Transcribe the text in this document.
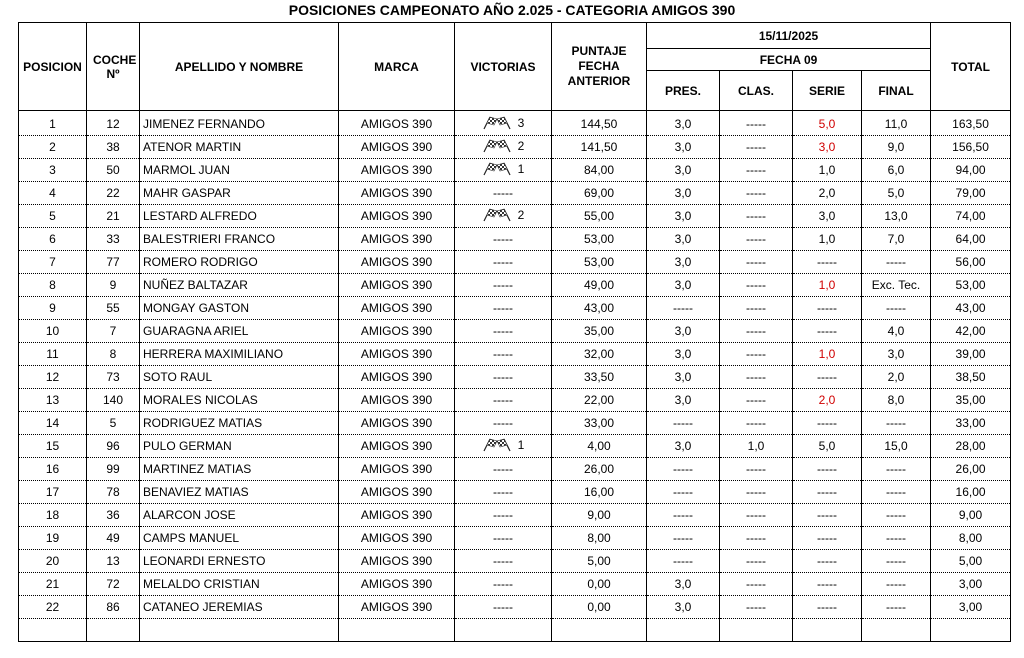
POSICIONES CAMPEONATO AÑO 2.025 - CATEGORIA AMIGOS 390
POSICION	COCHE Nº	APELLIDO Y NOMBRE	MARCA	VICTORIAS	PUNTAJE FECHA ANTERIOR	15/11/2025				TOTAL
						FECHA 09				
						PRES.	CLAS.	SERIE	FINAL	

1	12	JIMENEZ FERNANDO	AMIGOS 390	3	144,50	3,0	-----	5,0	11,0	163,50
2	38	ATENOR MARTIN	AMIGOS 390	2	141,50	3,0	-----	3,0	9,0	156,50
3	50	MARMOL JUAN	AMIGOS 390	1	84,00	3,0	-----	1,0	6,0	94,00
4	22	MAHR GASPAR	AMIGOS 390	-----	69,00	3,0	-----	2,0	5,0	79,00
5	21	LESTARD ALFREDO	AMIGOS 390	2	55,00	3,0	-----	3,0	13,0	74,00
6	33	BALESTRIERI FRANCO	AMIGOS 390	-----	53,00	3,0	-----	1,0	7,0	64,00
7	77	ROMERO RODRIGO	AMIGOS 390	-----	53,00	3,0	-----	-----	-----	56,00
8	9	NUÑEZ BALTAZAR	AMIGOS 390	-----	49,00	3,0	-----	1,0	Exc. Tec.	53,00
9	55	MONGAY GASTON	AMIGOS 390	-----	43,00	-----	-----	-----	-----	43,00
10	7	GUARAGNA ARIEL	AMIGOS 390	-----	35,00	3,0	-----	-----	4,0	42,00
11	8	HERRERA MAXIMILIANO	AMIGOS 390	-----	32,00	3,0	-----	1,0	3,0	39,00
12	73	SOTO RAUL	AMIGOS 390	-----	33,50	3,0	-----	-----	2,0	38,50
13	140	MORALES NICOLAS	AMIGOS 390	-----	22,00	3,0	-----	2,0	8,0	35,00
14	5	RODRIGUEZ MATIAS	AMIGOS 390	-----	33,00	-----	-----	-----	-----	33,00
15	96	PULO GERMAN	AMIGOS 390	1	4,00	3,0	1,0	5,0	15,0	28,00
16	99	MARTINEZ MATIAS	AMIGOS 390	-----	26,00	-----	-----	-----	-----	26,00
17	78	BENAVIEZ MATIAS	AMIGOS 390	-----	16,00	-----	-----	-----	-----	16,00
18	36	ALARCON JOSE	AMIGOS 390	-----	9,00	-----	-----	-----	-----	9,00
19	49	CAMPS MANUEL	AMIGOS 390	-----	8,00	-----	-----	-----	-----	8,00
20	13	LEONARDI ERNESTO	AMIGOS 390	-----	5,00	-----	-----	-----	-----	5,00
21	72	MELALDO CRISTIAN	AMIGOS 390	-----	0,00	3,0	-----	-----	-----	3,00
22	86	CATANEO JEREMIAS	AMIGOS 390	-----	0,00	3,0	-----	-----	-----	3,00
